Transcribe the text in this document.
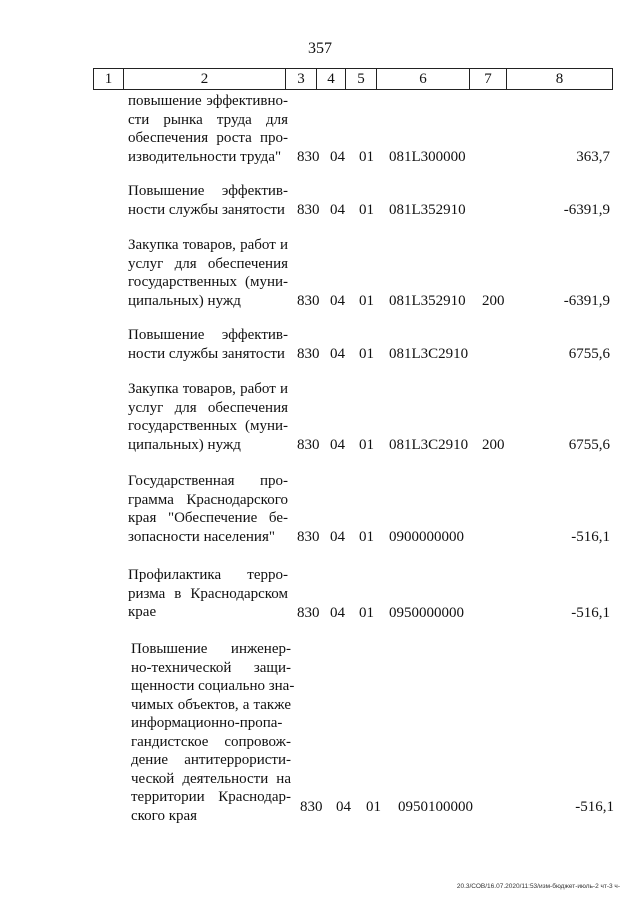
357
1	2	3	4	5	6	7	8
повышение эффективно-
сти рынка труда для
обеспечения роста про-
изводительности труда"	830 04 01 081L300000	363,7
Повышение эффектив-
ности службы занятости 830 04 01 081L352910	-6391,9
Закупка товаров, работ и
услуг для обеспечения
государственных (муни-
ципальных) нужд	830 04 01 081L352910 200	-6391,9
Повышение эффектив-
ности службы занятости 830 04 01 081L3C2910	6755,6
Закупка товаров, работ и
услуг для обеспечения
государственных (муни-
ципальных) нужд	830 04 01 081L3C2910 200	6755,6
Государственная про-
грамма Краснодарского
края "Обеспечение бе-
зопасности населения"	830 04 01 0900000000	-516,1
Профилактика терро-
ризма в Краснодарском
крае	830 04 01 0950000000	-516,1
Повышение инженер-
но-технической защи-
щенности социально зна-
чимых объектов, а также
информационно-пропа-
гандистское сопровож-
дение антитеррористи-
ческой деятельности на
территории Краснодар-
ского края
830 04 01 0950100000	-516,1
20.3/СОВ/16.07.2020/11:53/изм-бюджет-июль-2 чт-3 ч-
